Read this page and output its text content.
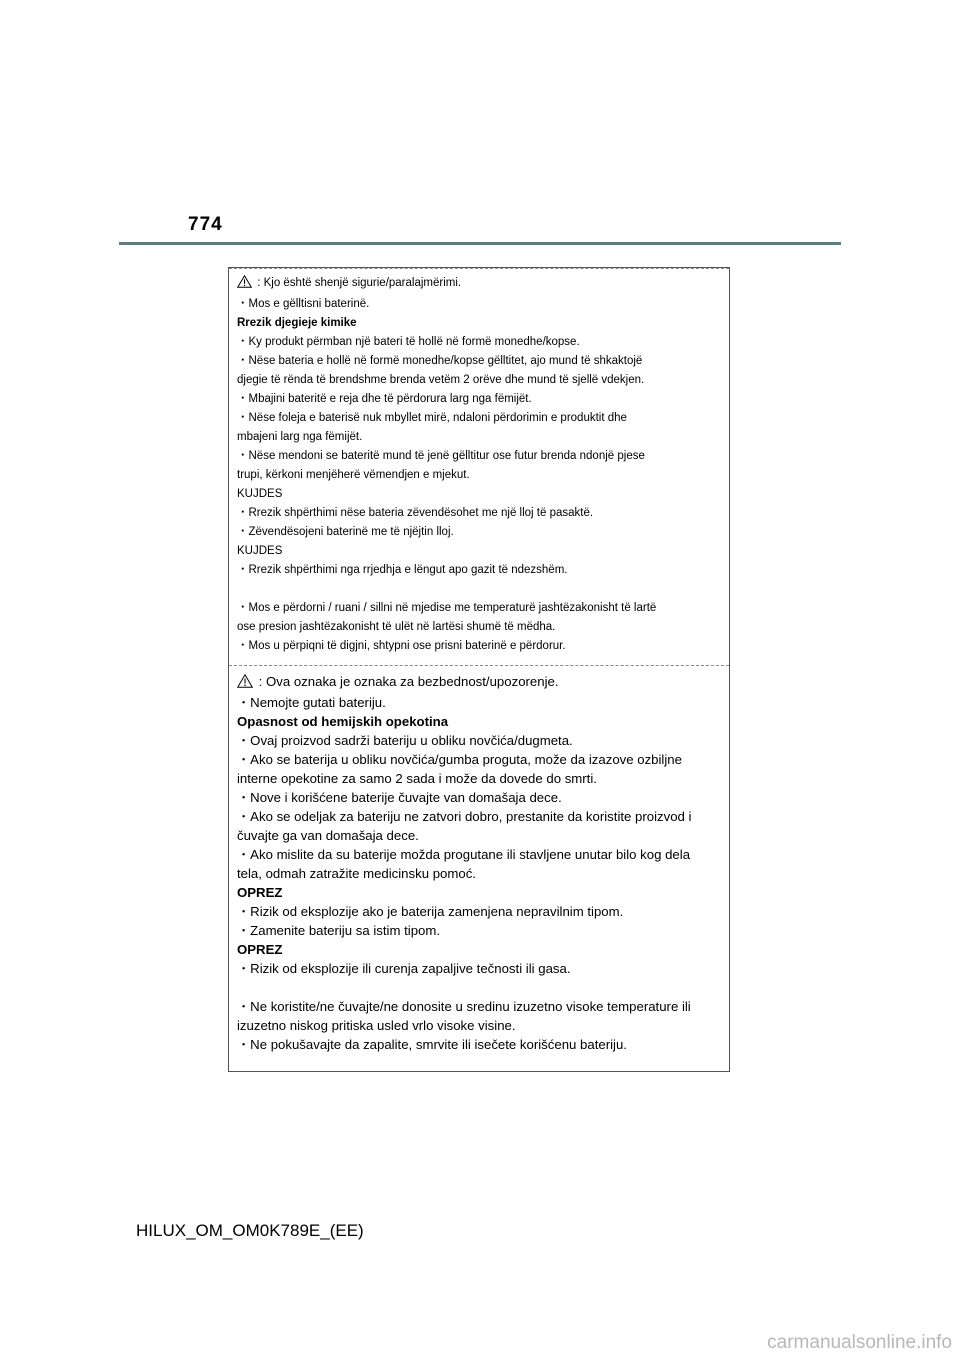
774
: Kjo është shenjë sigurie/paralajmërimi.
・Mos e gëlltisni baterinë.
Rrezik djegieje kimike
・Ky produkt përmban një bateri të hollë në formë monedhe/kopse.
・Nëse bateria e hollë në formë monedhe/kopse gëlltitet, ajo mund të shkaktojë
djegie të rënda të brendshme brenda vetëm 2 orëve dhe mund të sjellë vdekjen.
・Mbajini bateritë e reja dhe të përdorura larg nga fëmijët.
・Nëse foleja e baterisë nuk mbyllet mirë, ndaloni përdorimin e produktit dhe
mbajeni larg nga fëmijët.
・Nëse mendoni se bateritë mund të jenë gëlltitur ose futur brenda ndonjë pjese
trupi, kërkoni menjëherë vëmendjen e mjekut.
KUJDES
・Rrezik shpërthimi nëse bateria zëvendësohet me një lloj të pasaktë.
・Zëvendësojeni baterinë me të njëjtin lloj.
KUJDES
・Rrezik shpërthimi nga rrjedhja e lëngut apo gazit të ndezshëm.

・Mos e përdorni / ruani / sillni në mjedise me temperaturë jashtëzakonisht të lartë
ose presion jashtëzakonisht të ulët në lartësi shumë të mëdha.
・Mos u përpiqni të digjni, shtypni ose prisni baterinë e përdorur.
: Ova oznaka je oznaka za bezbednost/upozorenje.
・Nemojte gutati bateriju.
Opasnost od hemijskih opekotina
・Ovaj proizvod sadrži bateriju u obliku novčića/dugmeta.
・Ako se baterija u obliku novčića/gumba proguta, može da izazove ozbiljne
interne opekotine za samo 2 sada i može da dovede do smrti.
・Nove i korišćene baterije čuvajte van domašaja dece.
・Ako se odeljak za bateriju ne zatvori dobro, prestanite da koristite proizvod i
čuvajte ga van domašaja dece.
・Ako mislite da su baterije možda progutane ili stavljene unutar bilo kog dela
tela, odmah zatražite medicinsku pomoć.
OPREZ
・Rizik od eksplozije ako je baterija zamenjena nepravilnim tipom.
・Zamenite bateriju sa istim tipom.
OPREZ
・Rizik od eksplozije ili curenja zapaljive tečnosti ili gasa.

・Ne koristite/ne čuvajte/ne donosite u sredinu izuzetno visoke temperature ili
izuzetno niskog pritiska usled vrlo visoke visine.
・Ne pokušavajte da zapalite, smrvite ili isečete korišćenu bateriju.
HILUX_OM_OM0K789E_(EE)
carmanualsonline.info
